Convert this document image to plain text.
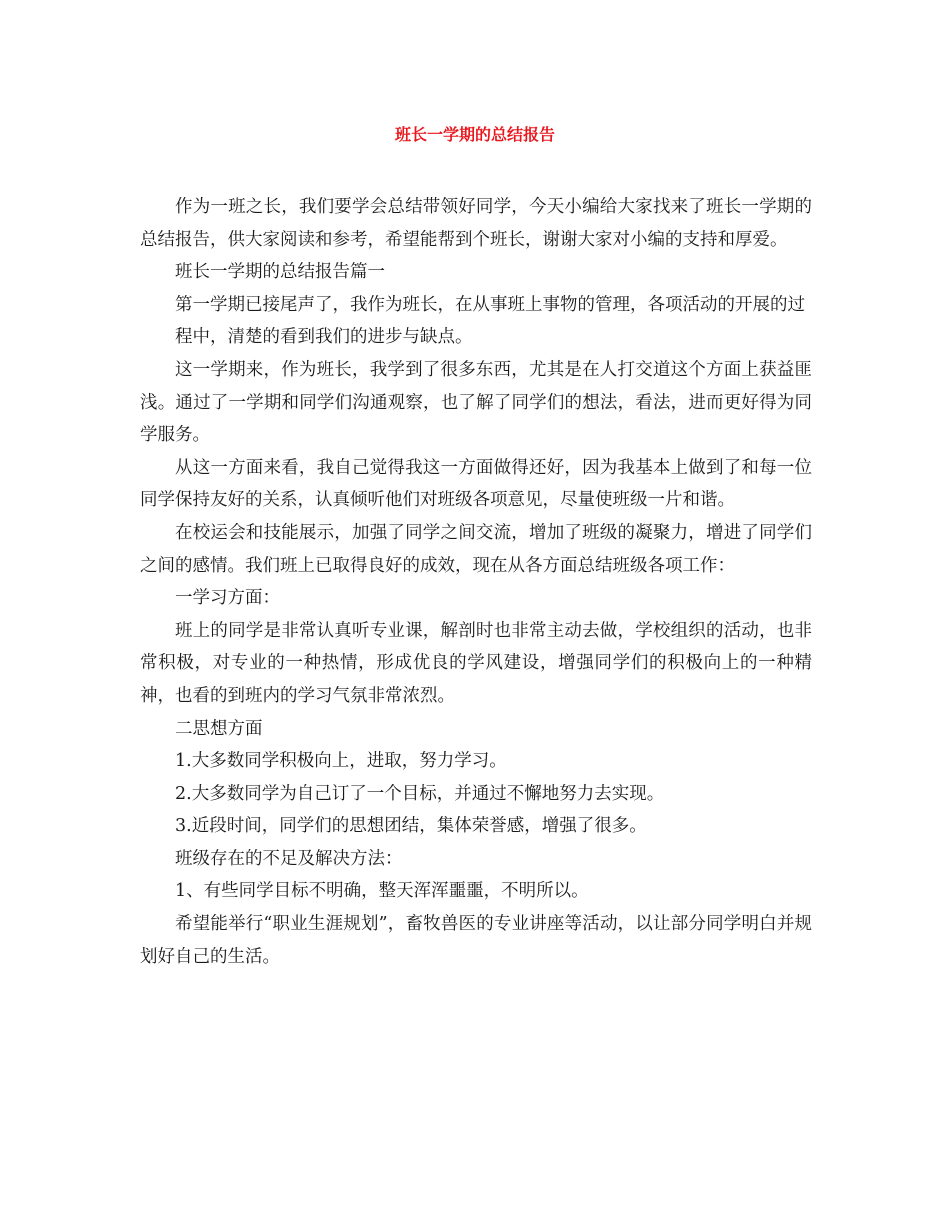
班长一学期的总结报告

作为一班之长，我们要学会总结带领好同学，今天小编给大家找来了班长一学期的总结报告，供大家阅读和参考，希望能帮到个班长，谢谢大家对小编的支持和厚爱。

班长一学期的总结报告篇一

第一学期已接尾声了，我作为班长，在从事班上事物的管理，各项活动的开展的过

程中，清楚的看到我们的进步与缺点。

这一学期来，作为班长，我学到了很多东西，尤其是在人打交道这个方面上获益匪浅。通过了一学期和同学们沟通观察，也了解了同学们的想法，看法，进而更好得为同学服务。

从这一方面来看，我自己觉得我这一方面做得还好，因为我基本上做到了和每一位同学保持友好的关系，认真倾听他们对班级各项意见，尽量使班级一片和谐。

在校运会和技能展示，加强了同学之间交流，增加了班级的凝聚力，增进了同学们之间的感情。我们班上已取得良好的成效，现在从各方面总结班级各项工作：

一学习方面：

班上的同学是非常认真听专业课，解剖时也非常主动去做，学校组织的活动，也非常积极，对专业的一种热情，形成优良的学风建设，增强同学们的积极向上的一种精神，也看的到班内的学习气氛非常浓烈。

二思想方面

1.大多数同学积极向上，进取，努力学习。

2.大多数同学为自己订了一个目标，并通过不懈地努力去实现。

3.近段时间，同学们的思想团结，集体荣誉感，增强了很多。

班级存在的不足及解决方法：

1、有些同学目标不明确，整天浑浑噩噩，不明所以。

希望能举行“职业生涯规划”，畜牧兽医的专业讲座等活动，以让部分同学明白并规划好自己的生活。
